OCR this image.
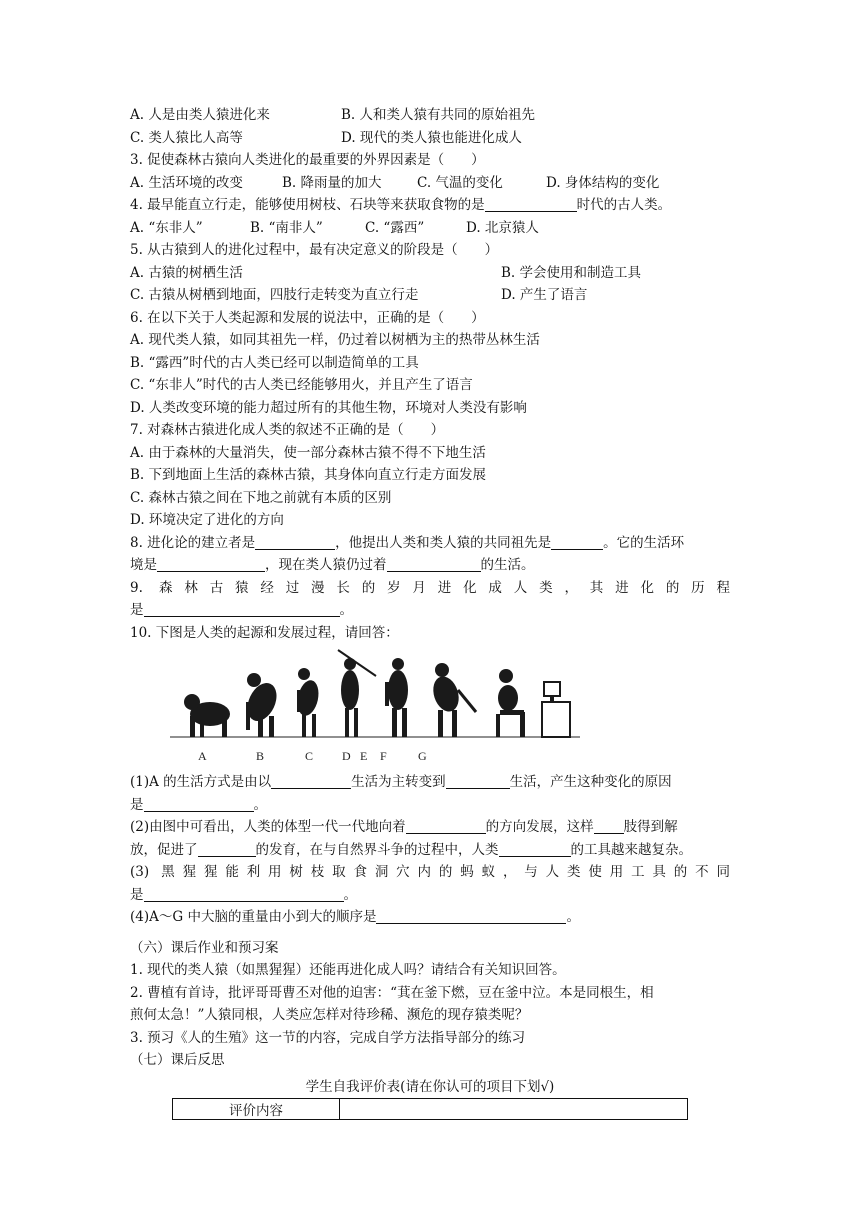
A. 人是由类人猿进化来	B. 人和类人猿有共同的原始祖先
C. 类人猿比人高等	D. 现代的类人猿也能进化成人
3. 促使森林古猿向人类进化的最重要的外界因素是（　　）
A. 生活环境的改变	B. 降雨量的加大	C. 气温的变化	D. 身体结构的变化
4. 最早能直立行走，能够使用树枝、石块等来获取食物的是	时代的古人类。
A. “东非人”	B. “南非人”	C. “露西”	D. 北京猿人
5. 从古猿到人的进化过程中，最有决定意义的阶段是（　　）
A. 古猿的树栖生活	B. 学会使用和制造工具
C. 古猿从树栖到地面，四肢行走转变为直立行走	D. 产生了语言
6. 在以下关于人类起源和发展的说法中，正确的是（　　）
A. 现代类人猿，如同其祖先一样，仍过着以树栖为主的热带丛林生活
B. “露西”时代的古人类已经可以制造简单的工具
C. “东非人”时代的古人类已经能够用火，并且产生了语言
D. 人类改变环境的能力超过所有的其他生物，环境对人类没有影响
7. 对森林古猿进化成人类的叙述不正确的是（　　）
A. 由于森林的大量消失，使一部分森林古猿不得不下地生活
B. 下到地面上生活的森林古猿，其身体向直立行走方面发展
C. 森林古猿之间在下地之前就有本质的区别
D. 环境决定了进化的方向
8. 进化论的建立者是	，他提出人类和类人猿的共同祖先是	。它的生活环
境是	，现在类人猿仍过着	的生活。
9. 森林古猿经过漫长的岁月进化成人类，其进化的历程
是	。
10. 下图是人类的起源和发展过程，请回答：
A	B	C D E F	G
(1)A 的生活方式是由以	生活为主转变到	生活，产生这种变化的原因
是	。
(2)由图中可看出，人类的体型一代一代地向着	的方向发展，这样 肢得到解
放，促进了	的发育，在与自然界斗争的过程中，人类	的工具越来越复杂。
(3) 黑猩猩能利用树枝取食洞穴内的蚂蚁，与人类使用工具的不同
是	。
(4)A～G 中大脑的重量由小到大的顺序是	。
（六）课后作业和预习案
1. 现代的类人猿（如黑猩猩）还能再进化成人吗？请结合有关知识回答。
2. 曹植有首诗，批评哥哥曹丕对他的迫害：“萁在釜下燃，豆在釜中泣。本是同根生，相
煎何太急！”人猿同根，人类应怎样对待珍稀、濒危的现存猿类呢？
3. 预习《人的生殖》这一节的内容，完成自学方法指导部分的练习
（七）课后反思
学生自我评价表(请在你认可的项目下划√)
评价内容	
